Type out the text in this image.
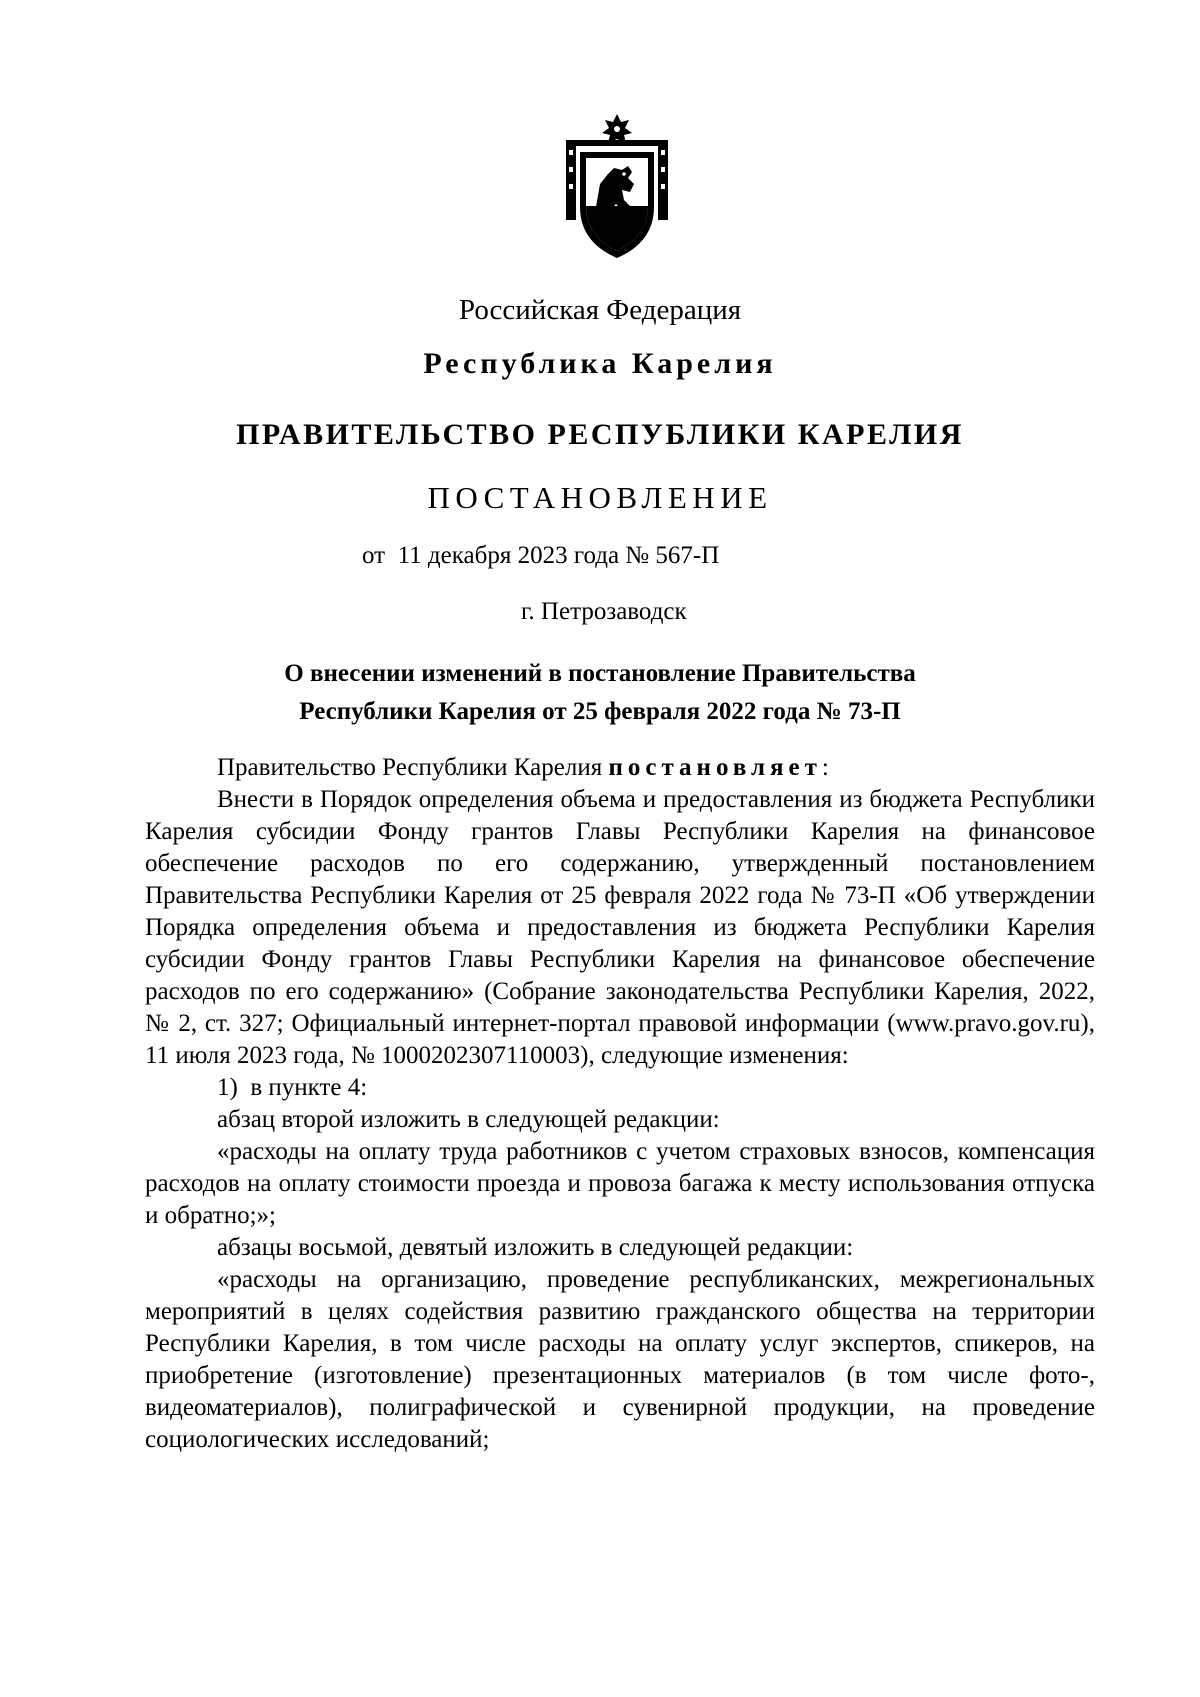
Российская Федерация

Республика Карелия

ПРАВИТЕЛЬСТВО РЕСПУБЛИКИ КАРЕЛИЯ

ПОСТАНОВЛЕНИЕ

от  11 декабря 2023 года № 567-П

г. Петрозаводск

О внесении изменений в постановление Правительства
Республики Карелия от 25 февраля 2022 года № 73-П

Правительство Республики Карелия постановляет:

Внести в Порядок определения объема и предоставления из бюджета Республики Карелия субсидии Фонду грантов Главы Республики Карелия на финансовое обеспечение расходов по его содержанию, утвержденный постановлением Правительства Республики Карелия от 25 февраля 2022 года № 73-П «Об утверждении Порядка определения объема и предоставления из бюджета Республики Карелия субсидии Фонду грантов Главы Республики Карелия на финансовое обеспечение расходов по его содержанию» (Собрание законодательства Республики Карелия, 2022, № 2, ст. 327; Официальный интернет-портал правовой информации (www.pravo.gov.ru), 11 июля 2023 года, № 1000202307110003), следующие изменения:

1)  в пункте 4:

абзац второй изложить в следующей редакции:

«расходы на оплату труда работников с учетом страховых взносов, компенсация расходов на оплату стоимости проезда и провоза багажа к месту использования отпуска и обратно;»;

абзацы восьмой, девятый изложить в следующей редакции:

«расходы на организацию, проведение республиканских, межрегиональных мероприятий в целях содействия развитию гражданского общества на территории Республики Карелия, в том числе расходы на оплату услуг экспертов, спикеров, на приобретение (изготовление) презентационных материалов (в том числе фото-, видеоматериалов), полиграфической и сувенирной продукции, на проведение социологических исследований;
